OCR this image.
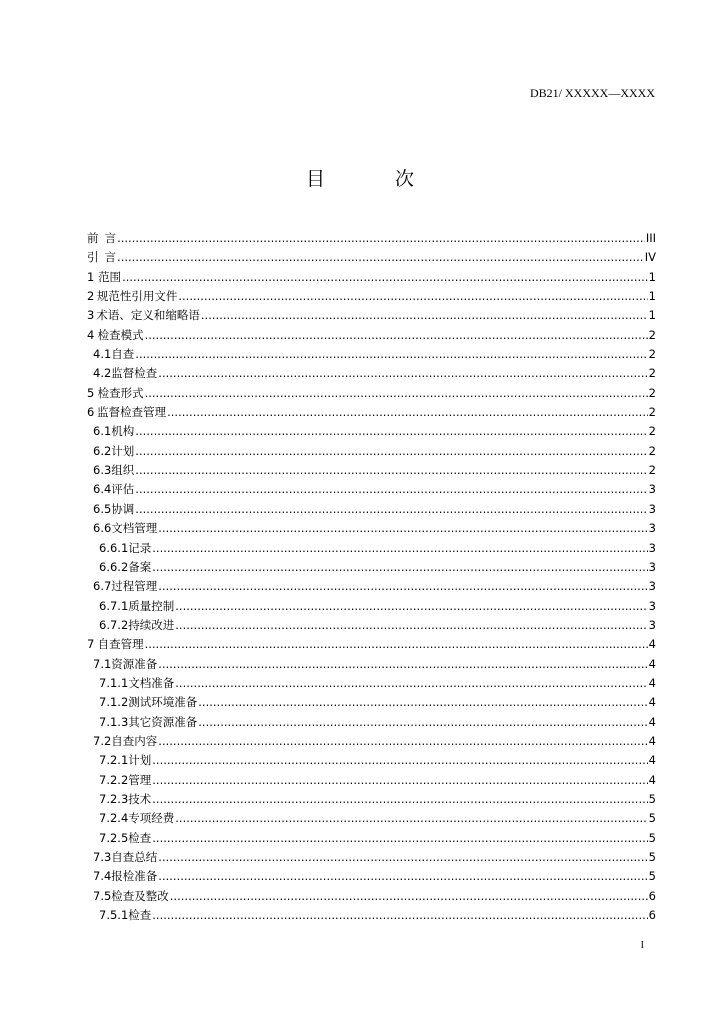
DB21/ XXXXX—XXXX
目 次
前 言 .....	III
引 言 .....	IV
1 范围 .....	1
2 规范性引用文件 .....	1
3 术语、定义和缩略语 .....	1
4 检查模式 .....	2
4.1 自查 .....	2
4.2 监督检查 .....	2
5 检查形式 .....	2
6 监督检查管理 .....	2
6.1 机构 .....	2
6.2 计划 .....	2
6.3 组织 .....	2
6.4 评估 .....	3
6.5 协调 .....	3
6.6 文档管理 .....	3
6.6.1 记录 .....	3
6.6.2 备案 .....	3
6.7 过程管理 .....	3
6.7.1 质量控制 .....	3
6.7.2 持续改进 .....	3
7 自查管理 .....	4
7.1 资源准备 .....	4
7.1.1 文档准备 .....	4
7.1.2 测试环境准备 .....	4
7.1.3 其它资源准备 .....	4
7.2 自查内容 .....	4
7.2.1 计划 .....	4
7.2.2 管理 .....	4
7.2.3 技术 .....	5
7.2.4 专项经费 .....	5
7.2.5 检查 .....	5
7.3 自查总结 .....	5
7.4 报检准备 .....	5
7.5 检查及整改 .....	6
7.5.1 检查 .....	6
I
